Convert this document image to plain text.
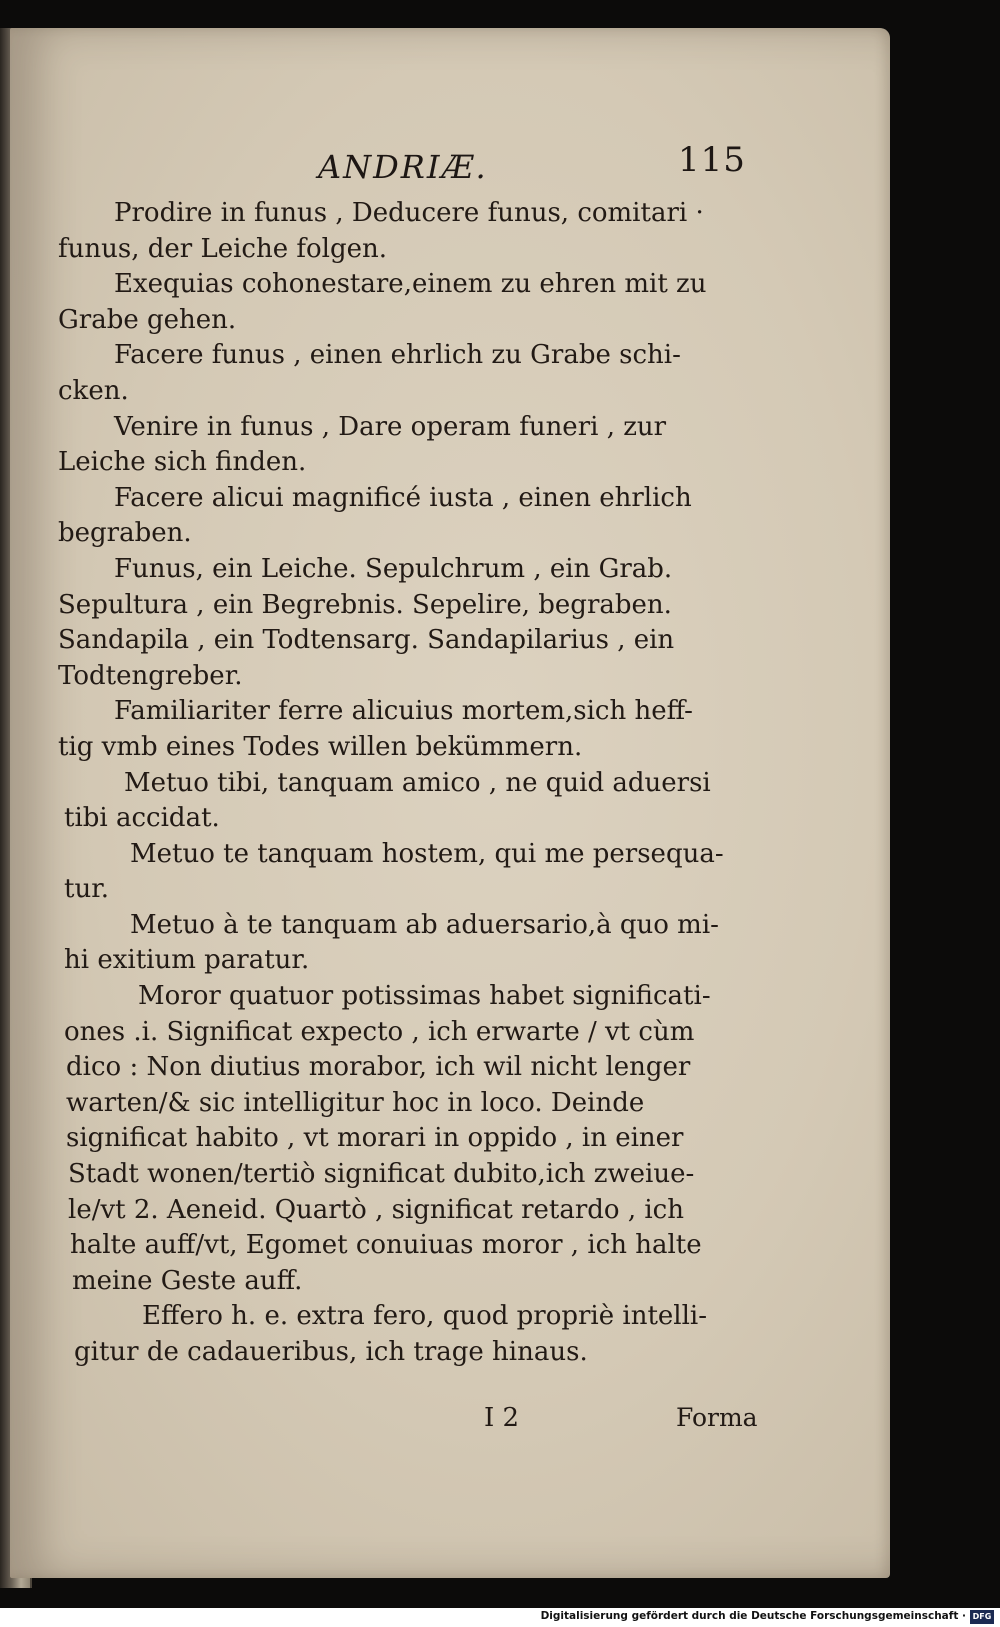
ANDRIÆ.	115
Prodire in funus , Deducere funus, comitari ·
funus, der Leiche folgen.
Exequias cohonestare,einem zu ehren mit zu
Grabe gehen.
Facere funus , einen ehrlich zu Grabe schi-
cken.
Venire in funus , Dare operam funeri , zur
Leiche sich finden.
Facere alicui magnificé iusta , einen ehrlich
begraben.
Funus, ein Leiche. Sepulchrum , ein Grab.
Sepultura , ein Begrebnis. Sepelire, begraben.
Sandapila , ein Todtensarg. Sandapilarius , ein
Todtengreber.
Familiariter ferre alicuius mortem,sich heff-
tig vmb eines Todes willen bekümmern.
Metuo tibi, tanquam amico , ne quid aduersi
tibi accidat.
Metuo te tanquam hostem, qui me persequa-
tur.
Metuo à te tanquam ab aduersario,à quo mi-
hi exitium paratur.
Moror quatuor potissimas habet significati-
ones .i. Significat expecto , ich erwarte / vt cùm
dico : Non diutius morabor, ich wil nicht lenger
warten/& sic intelligitur hoc in loco. Deinde
significat habito , vt morari in oppido , in einer
Stadt wonen/tertiò significat dubito,ich zweiue-
le/vt 2. Aeneid. Quartò , significat retardo , ich
halte auff/vt, Egomet conuiuas moror , ich halte
meine Geste auff.
Effero h. e. extra fero, quod propriè intelli-
gitur de cadaueribus, ich trage hinaus.
I 2	Forma
Digitalisierung gefördert durch die Deutsche Forschungsgemeinschaft · DFG
